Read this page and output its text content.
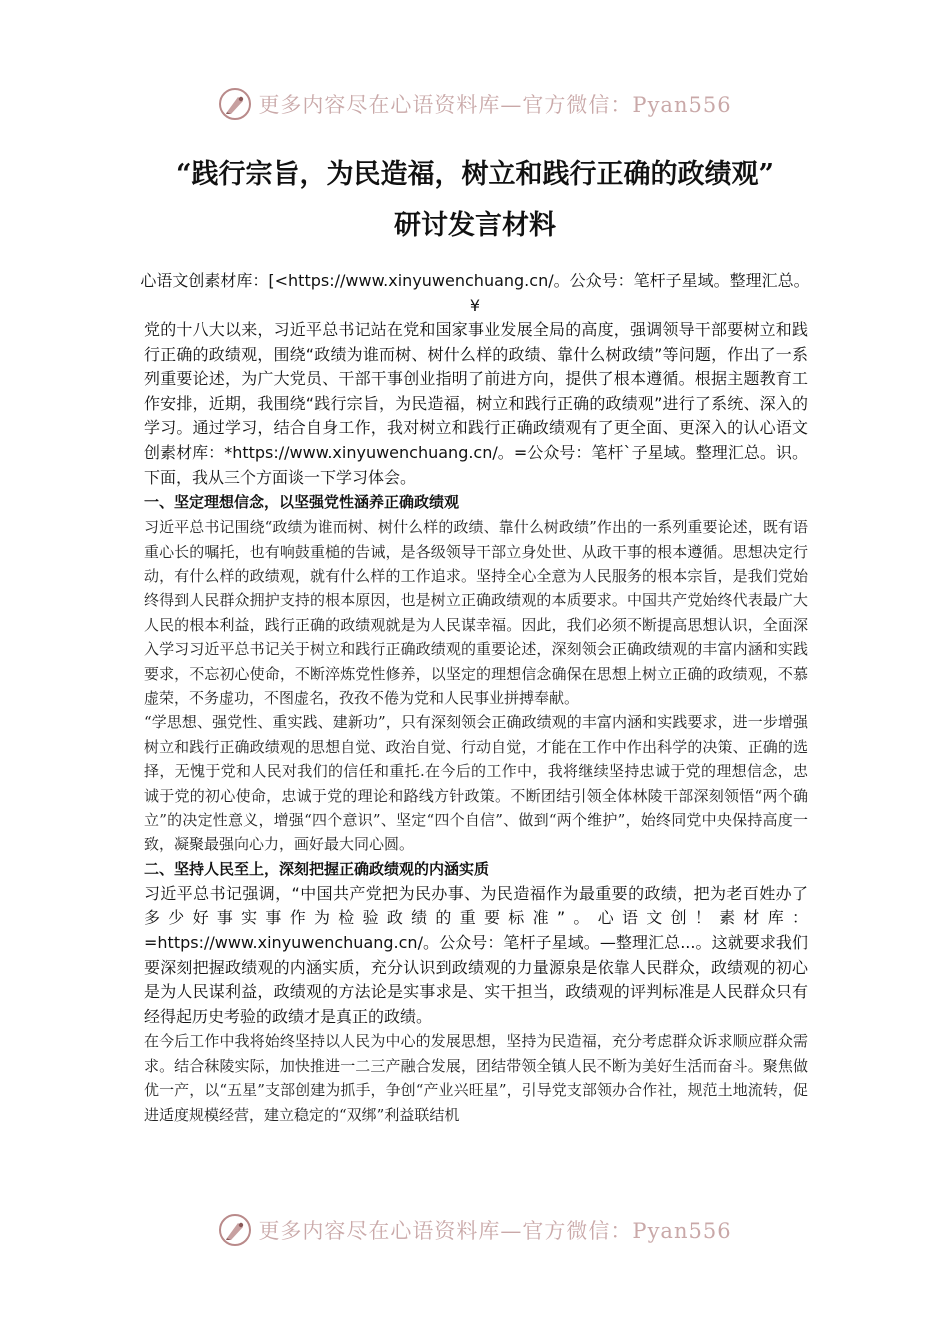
更多内容尽在心语资料库—官方微信：Pyan556
“践行宗旨，为民造福，树立和践行正确的政绩观”
研讨发言材料
心语文创素材库：[<https://www.xinyuwenchuang.cn/。公众号：笔杆子星域。整理汇总。¥

党的十八大以来，习近平总书记站在党和国家事业发展全局的高度，强调领导干部要树立和践行正确的政绩观，围绕“政绩为谁而树、树什么样的政绩、靠什么树政绩”等问题，作出了一系列重要论述，为广大党员、干部干事创业指明了前进方向，提供了根本遵循。根据主题教育工作安排，近期，我围绕“践行宗旨，为民造福，树立和践行正确的政绩观”进行了系统、深入的学习。通过学习，结合自身工作，我对树立和践行正确政绩观有了更全面、更深入的认心语文创素材库：*https://www.xinyuwenchuang.cn/。=公众号：笔杆`子星域。整理汇总。识。下面，我从三个方面谈一下学习体会。

一、坚定理想信念，以坚强党性涵养正确政绩观

习近平总书记围绕“政绩为谁而树、树什么样的政绩、靠什么树政绩”作出的一系列重要论述，既有语重心长的嘱托，也有响鼓重槌的告诫，是各级领导干部立身处世、从政干事的根本遵循。思想决定行动，有什么样的政绩观，就有什么样的工作追求。坚持全心全意为人民服务的根本宗旨，是我们党始终得到人民群众拥护支持的根本原因，也是树立正确政绩观的本质要求。中国共产党始终代表最广大人民的根本利益，践行正确的政绩观就是为人民谋幸福。因此，我们必须不断提高思想认识，全面深入学习习近平总书记关于树立和践行正确政绩观的重要论述，深刻领会正确政绩观的丰富内涵和实践要求，不忘初心使命，不断淬炼党性修养，以坚定的理想信念确保在思想上树立正确的政绩观，不慕虚荣，不务虚功，不图虚名，孜孜不倦为党和人民事业拼搏奉献。

“学思想、强党性、重实践、建新功”，只有深刻领会正确政绩观的丰富内涵和实践要求，进一步增强树立和践行正确政绩观的思想自觉、政治自觉、行动自觉，才能在工作中作出科学的决策、正确的选择，无愧于党和人民对我们的信任和重托.在今后的工作中，我将继续坚持忠诚于党的理想信念，忠诚于党的初心使命，忠诚于党的理论和路线方针政策。不断团结引领全体林陵干部深刻领悟“两个确立”的决定性意义，增强“四个意识”、坚定“四个自信”、做到“两个维护”，始终同党中央保持高度一致，凝聚最强向心力，画好最大同心圆。

二、坚持人民至上，深刻把握正确政绩观的内涵实质

习近平总书记强调，“中国共产党把为民办事、为民造福作为最重要的政绩，把为老百姓办了多少好事实事作为检验政绩的重要标准”。心语文创！素材库：=https://www.xinyuwenchuang.cn/。公众号：笔杆子星域。—整理汇总...。这就要求我们要深刻把握政绩观的内涵实质，充分认识到政绩观的力量源泉是依靠人民群众，政绩观的初心是为人民谋利益，政绩观的方法论是实事求是、实干担当，政绩观的评判标准是人民群众只有经得起历史考验的政绩才是真正的政绩。

在今后工作中我将始终坚持以人民为中心的发展思想，坚持为民造福，充分考虑群众诉求顺应群众需求。结合秣陵实际，加快推进一二三产融合发展，团结带领全镇人民不断为美好生活而奋斗。聚焦做优一产，以“五星”支部创建为抓手，争创“产业兴旺星”，引导党支部领办合作社，规范土地流转，促进适度规模经营，建立稳定的“双绑”利益联结机

更多内容尽在心语资料库—官方微信：Pyan556
